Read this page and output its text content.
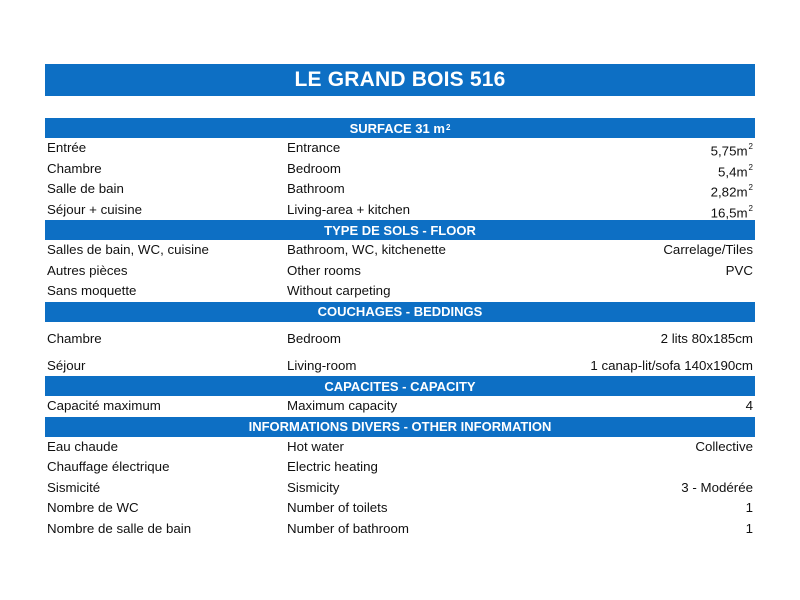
LE GRAND BOIS 516
SURFACE 31 $m^2$
Entrée	Entrance	$5,75m^2$
Chambre	Bedroom	$5,4m^2$
Salle de bain	Bathroom	$2,82m^2$
Séjour + cuisine	Living-area + kitchen	$16,5m^2$
TYPE DE SOLS - FLOOR
Salles de bain, WC, cuisine	Bathroom, WC, kitchenette	Carrelage/Tiles
Autres pièces	Other rooms	PVC
Sans moquette	Without carpeting
COUCHAGES - BEDDINGS
Chambre	Bedroom	2 lits 80x185cm
Séjour	Living-room	1 canap-lit/sofa 140x190cm
CAPACITES - CAPACITY
Capacité maximum	Maximum capacity	4
INFORMATIONS DIVERS - OTHER INFORMATION
Eau chaude	Hot water	Collective
Chauffage électrique	Electric heating
Sismicité	Sismicity	3 - Modérée
Nombre de WC	Number of toilets	1
Nombre de salle de bain	Number of bathroom	1
